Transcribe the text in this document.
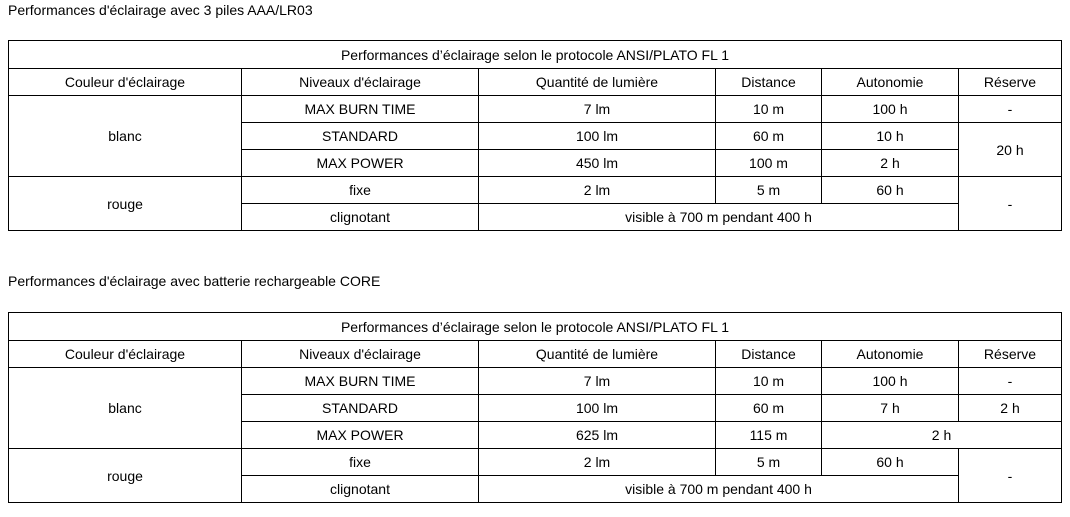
Performances d'éclairage avec 3 piles AAA/LR03
Performances d’éclairage selon le protocole ANSI/PLATO FL 1					
Couleur d'éclairage	Niveaux d'éclairage	Quantité de lumière	Distance	Autonomie	Réserve
blanc	MAX BURN TIME	7 lm	10 m	100 h	-
	STANDARD	100 lm	60 m	10 h	20 h
	MAX POWER	450 lm	100 m	2 h	
rouge	fixe	2 lm	5 m	60 h	-
	clignotant	visible à 700 m pendant 400 h			
Performances d'éclairage avec batterie rechargeable CORE
Performances d’éclairage selon le protocole ANSI/PLATO FL 1					
Couleur d'éclairage	Niveaux d'éclairage	Quantité de lumière	Distance	Autonomie	Réserve
blanc	MAX BURN TIME	7 lm	10 m	100 h	-
	STANDARD	100 lm	60 m	7 h	2 h
	MAX POWER	625 lm	115 m	2 h	
rouge	fixe	2 lm	5 m	60 h	-
	clignotant	visible à 700 m pendant 400 h			
